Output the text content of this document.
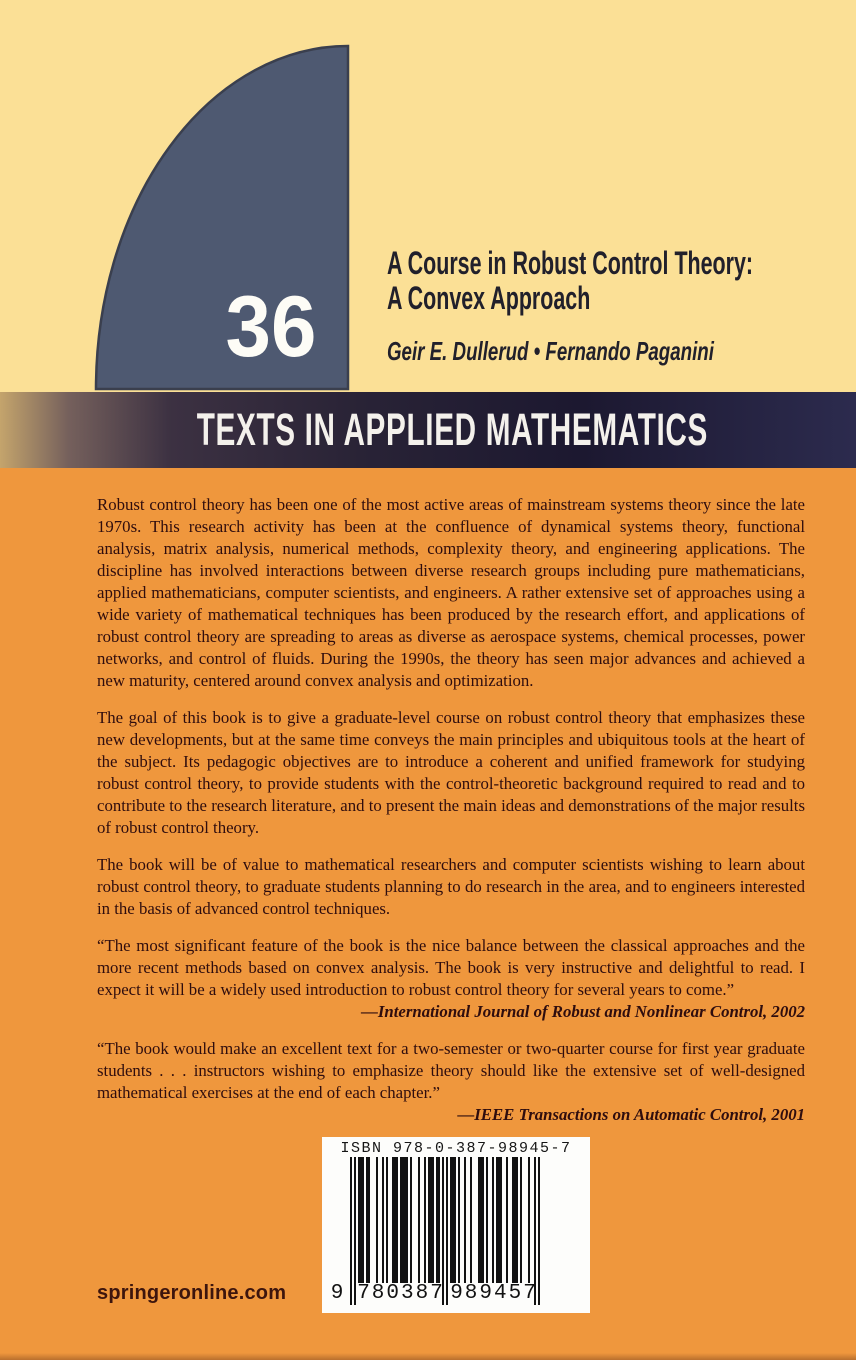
36
A Course in Robust Control Theory:
A Convex Approach
Geir E. Dullerud • Fernando Paganini
TEXTS IN APPLIED MATHEMATICS

Robust control theory has been one of the most active areas of mainstream systems theory since the late 1970s. This research activity has been at the confluence of dynamical systems theory, functional analysis, matrix analysis, numerical methods, complexity theory, and engineering applications. The discipline has involved interactions between diverse research groups including pure mathematicians, applied mathematicians, computer scientists, and engineers. A rather extensive set of approaches using a wide variety of mathematical techniques has been produced by the research effort, and applications of robust control theory are spreading to areas as diverse as aerospace systems, chemical processes, power networks, and control of fluids. During the 1990s, the theory has seen major advances and achieved a new maturity, centered around convex analysis and optimization.

The goal of this book is to give a graduate-level course on robust control theory that emphasizes these new developments, but at the same time conveys the main principles and ubiquitous tools at the heart of the subject. Its pedagogic objectives are to introduce a coherent and unified framework for studying robust control theory, to provide students with the control-theoretic background required to read and to contribute to the research literature, and to present the main ideas and demonstrations of the major results of robust control theory.

The book will be of value to mathematical researchers and computer scientists wishing to learn about robust control theory, to graduate students planning to do research in the area, and to engineers interested in the basis of advanced control techniques.

“The most significant feature of the book is the nice balance between the classical approaches and the more recent methods based on convex analysis. The book is very instructive and delightful to read. I expect it will be a widely used introduction to robust control theory for several years to come.”

—International Journal of Robust and Nonlinear Control, 2002

“The book would make an excellent text for a two-semester or two-quarter course for first year graduate students . . . instructors wishing to emphasize theory should like the extensive set of well-designed mathematical exercises at the end of each chapter.”

—IEEE Transactions on Automatic Control, 2001
springeronline.com
ISBN 978-0-387-98945-7
9 780387 989457
